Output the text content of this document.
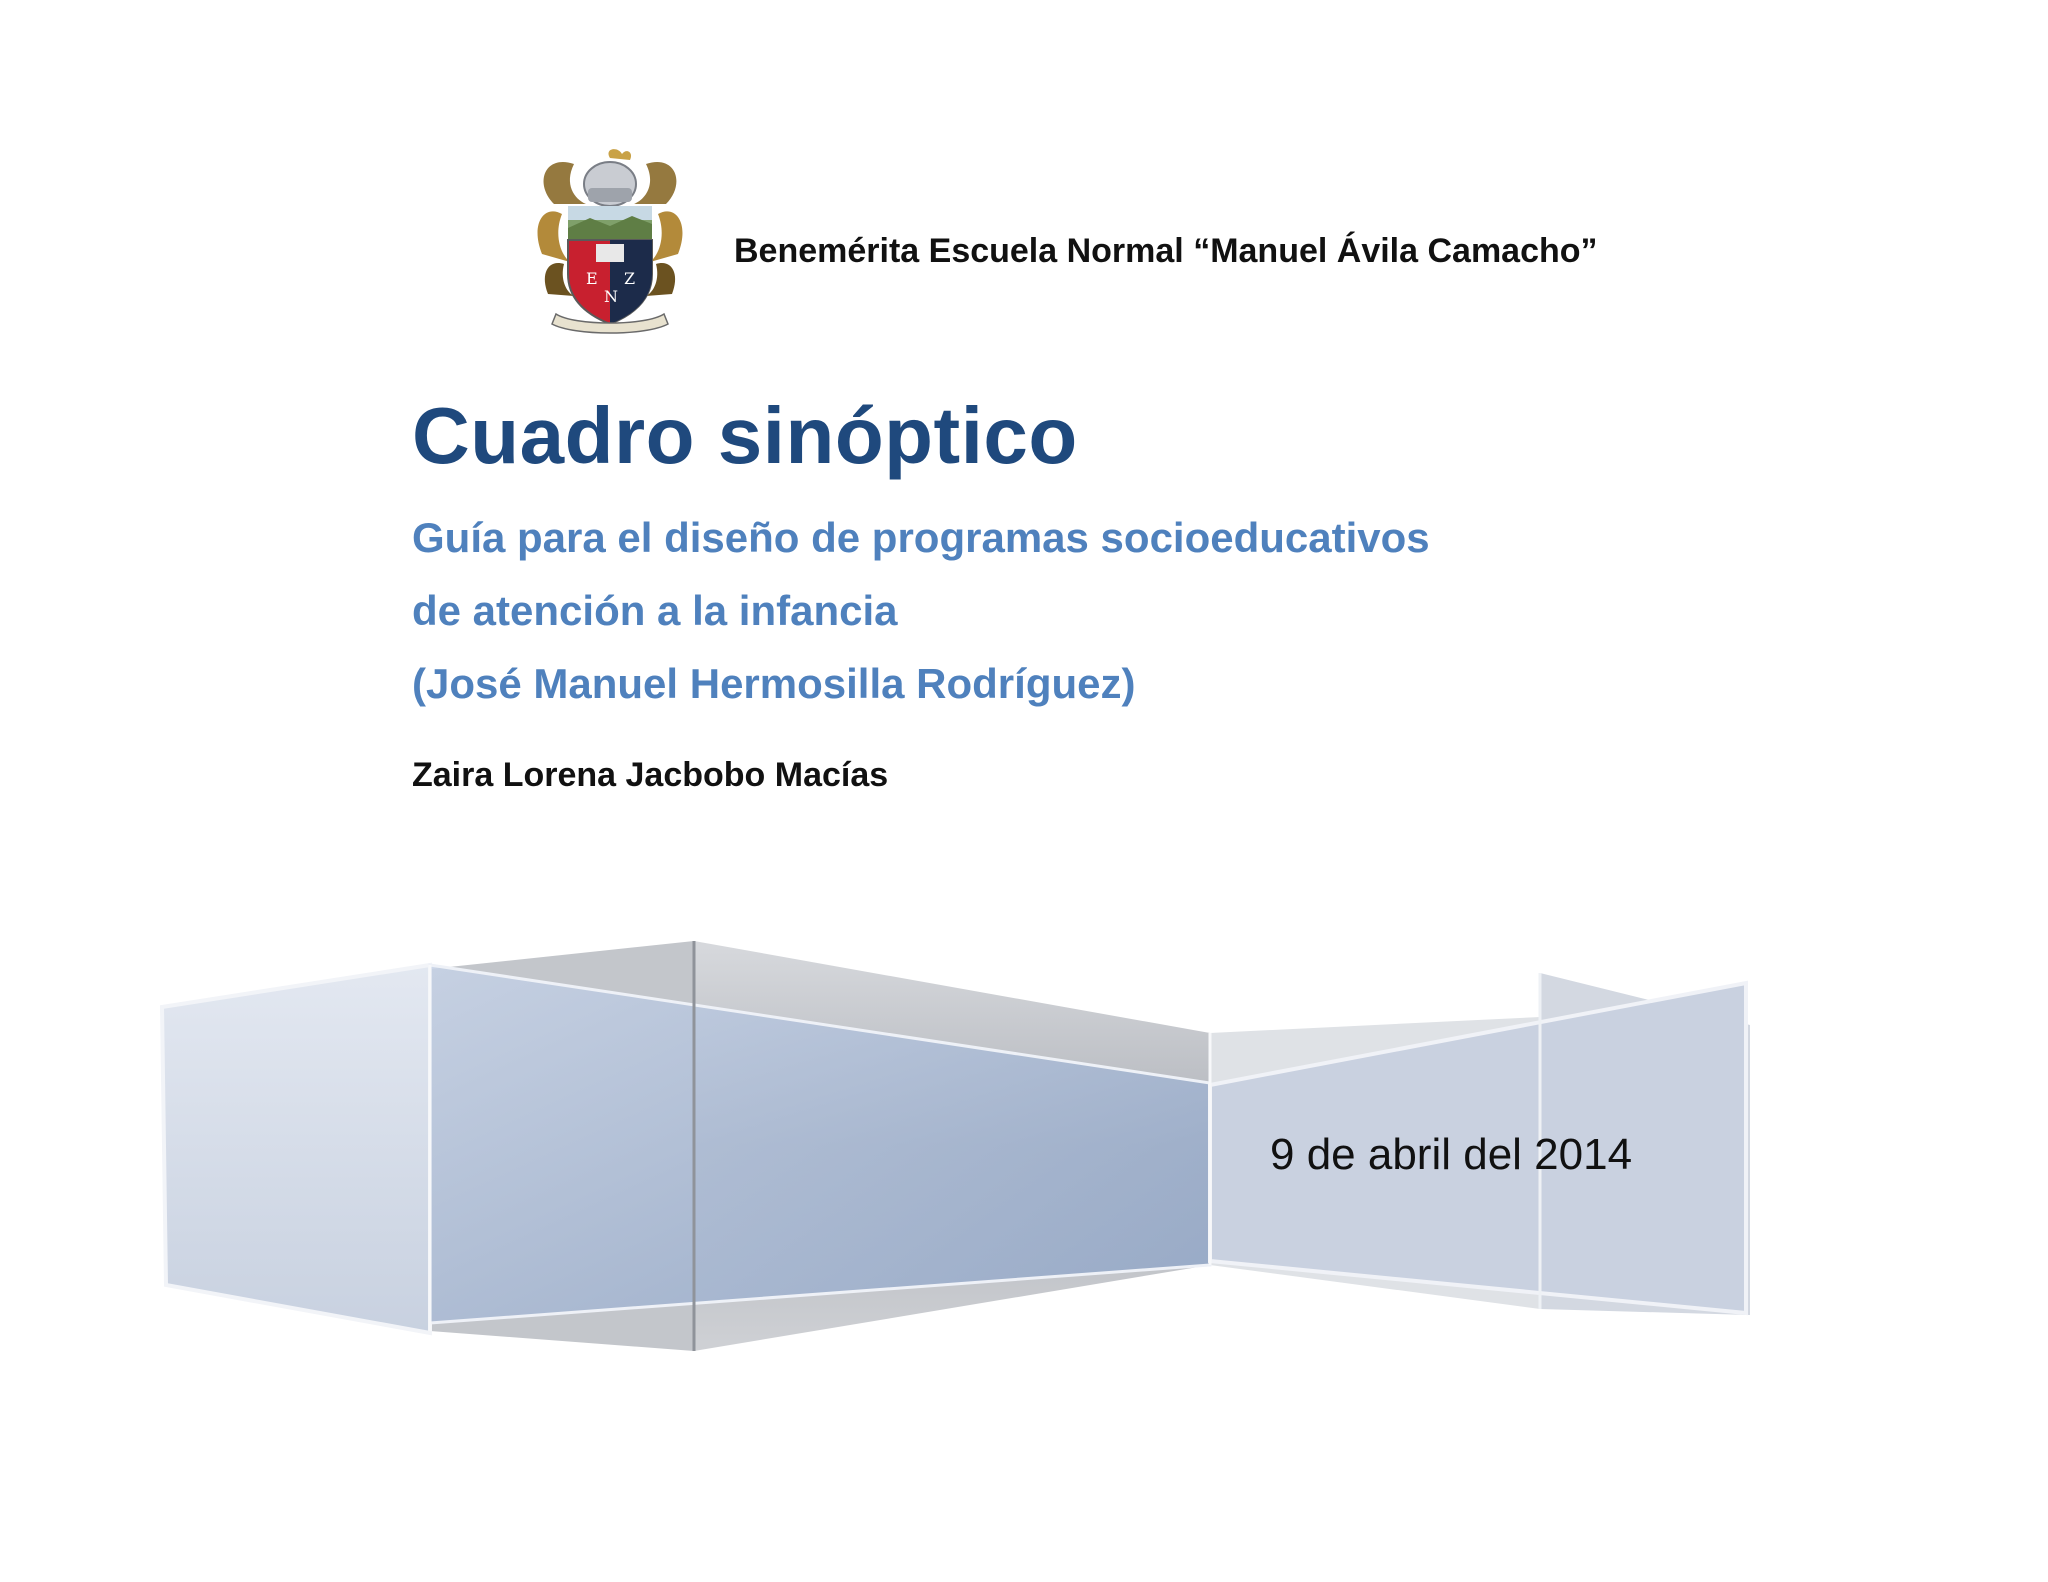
E
N
Z
Benemérita Escuela Normal “Manuel Ávila Camacho”
Cuadro sinóptico
Guía para el diseño de programas socioeducativos
de atención a la infancia
(José Manuel Hermosilla Rodríguez)
Zaira Lorena Jacbobo Macías
9 de abril del 2014
